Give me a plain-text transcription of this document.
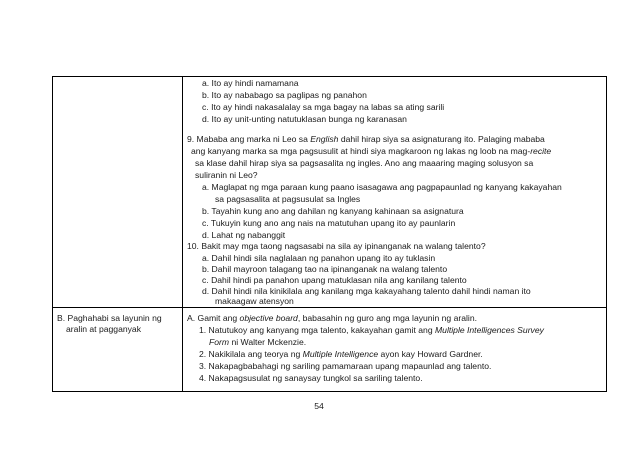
a. Ito ay hindi namamana
b. Ito ay nababago sa paglipas ng panahon
c. Ito ay hindi nakasalalay sa mga bagay na labas sa ating sarili
d. Ito ay unit-unting natutuklasan bunga ng karanasan
9. Mababa ang marka ni Leo sa English dahil hirap siya sa asignaturang ito. Palaging mababa
ang kanyang marka sa mga pagsusulit at hindi siya magkaroon ng lakas ng loob na mag-recite
sa klase dahil hirap siya sa pagsasalita ng ingles. Ano ang maaaring maging solusyon sa
suliranin ni Leo?
a. Maglapat ng mga paraan kung paano isasagawa ang pagpapaunlad ng kanyang kakayahan
sa pagsasalita at pagsusulat sa Ingles
b. Tayahin kung ano ang dahilan ng kanyang kahinaan sa asignatura
c. Tukuyin kung ano ang nais na matutuhan upang ito ay paunlarin
d. Lahat ng nabanggit
10. Bakit may mga taong nagsasabi na sila ay ipinanganak na walang talento?
a. Dahil hindi sila naglalaan ng panahon upang ito ay tuklasin
b. Dahil mayroon talagang tao na ipinanganak na walang talento
c. Dahil hindi pa panahon upang matuklasan nila ang kanilang talento
d. Dahil hindi nila kinikilala ang kanilang mga kakayahang talento dahil hindi naman ito
B. Paghahabi sa layunin ng
aralin at pagganyak
A. Gamit ang objective board, babasahin ng guro ang mga layunin ng aralin.
1. Natutukoy ang kanyang mga talento, kakayahan gamit ang Multiple Intelligences Survey
Form ni Walter Mckenzie.
2. Nakikilala ang teorya ng Multiple Intelligence ayon kay Howard Gardner.
3. Nakapagbabahagi ng sariling pamamaraan upang mapaunlad ang talento.
4. Nakapagsusulat ng sanaysay tungkol sa sariling talento.
54
makaagaw atensyon
